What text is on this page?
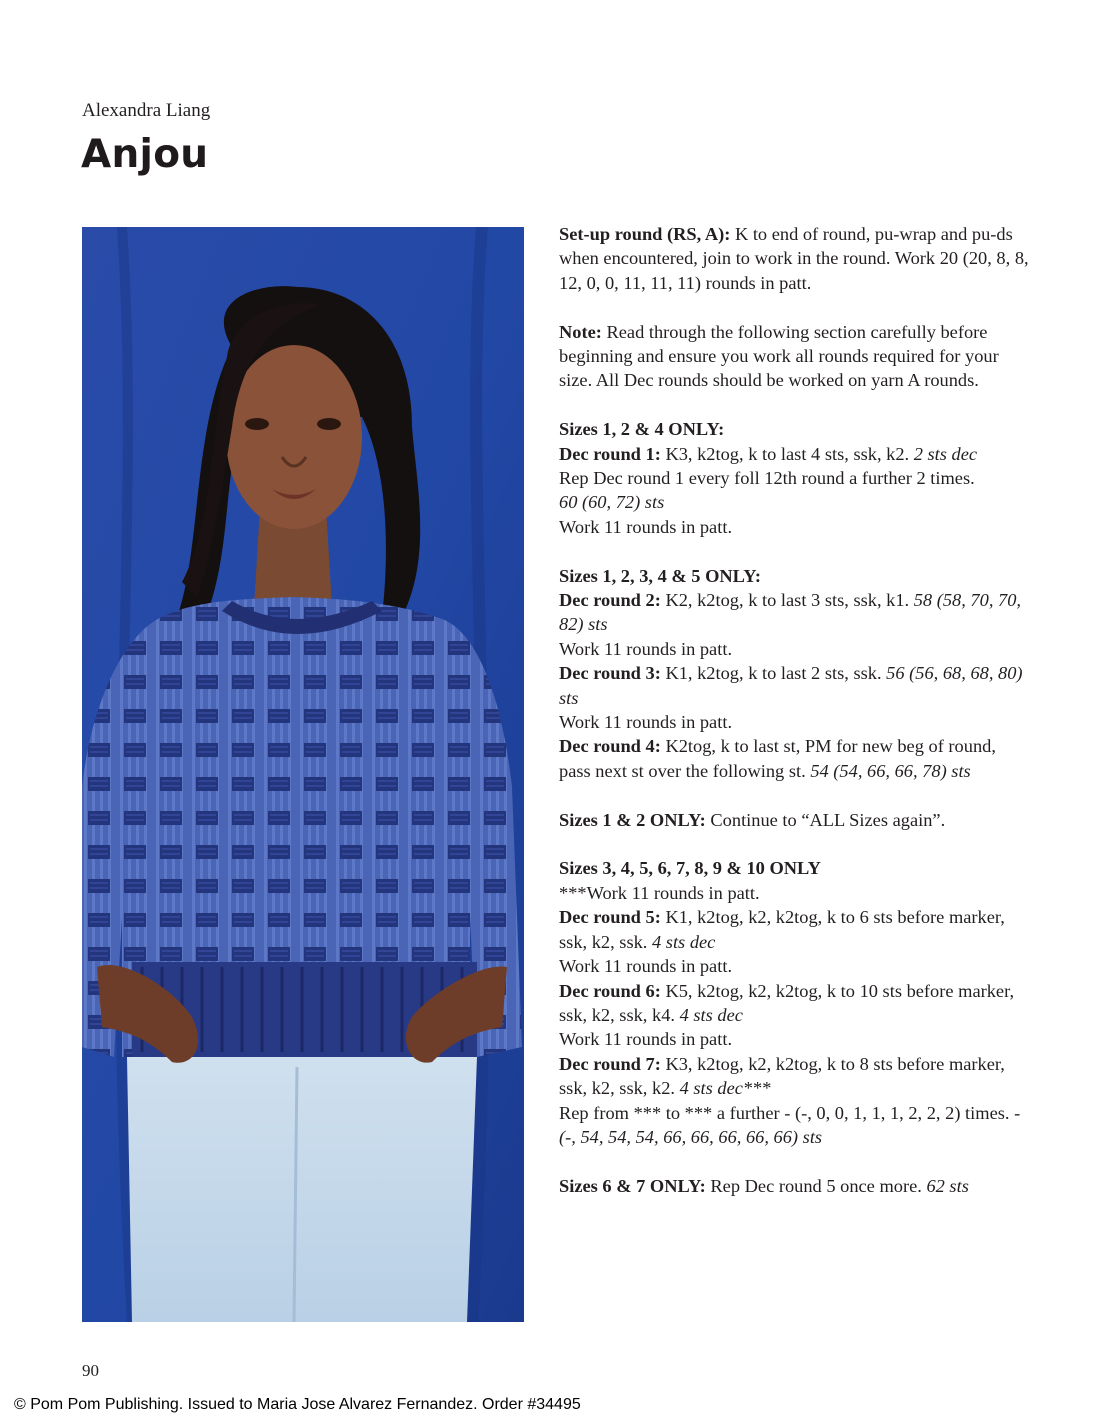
Alexandra Liang
Anjou

Set-up round (RS, A): K to end of round, pu-wrap and pu-ds when encountered, join to work in the round. Work 20 (20, 8, 8, 12, 0, 0, 11, 11, 11) rounds in patt.

Note: Read through the following section carefully before beginning and ensure you work all rounds required for your size. All Dec rounds should be worked on yarn A rounds.

Sizes 1, 2 & 4 ONLY:

Dec round 1: K3, k2tog, k to last 4 sts, ssk, k2. 2 sts dec

Rep Dec round 1 every foll 12th round a further 2 times.

60 (60, 72) sts

Work 11 rounds in patt.

Sizes 1, 2, 3, 4 & 5 ONLY:

Dec round 2: K2, k2tog, k to last 3 sts, ssk, k1. 58 (58, 70, 70, 82) sts

Work 11 rounds in patt.

Dec round 3: K1, k2tog, k to last 2 sts, ssk. 56 (56, 68, 68, 80) sts

Work 11 rounds in patt.

Dec round 4: K2tog, k to last st, PM for new beg of round, pass next st over the following st. 54 (54, 66, 66, 78) sts

Sizes 1 & 2 ONLY: Continue to “ALL Sizes again”.

Sizes 3, 4, 5, 6, 7, 8, 9 & 10 ONLY

***Work 11 rounds in patt.

Dec round 5: K1, k2tog, k2, k2tog, k to 6 sts before marker, ssk, k2, ssk. 4 sts dec

Work 11 rounds in patt.

Dec round 6: K5, k2tog, k2, k2tog, k to 10 sts before marker, ssk, k2, ssk, k4. 4 sts dec

Work 11 rounds in patt.

Dec round 7: K3, k2tog, k2, k2tog, k to 8 sts before marker, ssk, k2, ssk, k2. 4 sts dec***

Rep from *** to *** a further - (-, 0, 0, 1, 1, 1, 2, 2, 2) times. - (-, 54, 54, 54, 66, 66, 66, 66, 66) sts

Sizes 6 & 7 ONLY: Rep Dec round 5 once more. 62 sts

90
© Pom Pom Publishing. Issued to Maria Jose Alvarez Fernandez. Order #34495
